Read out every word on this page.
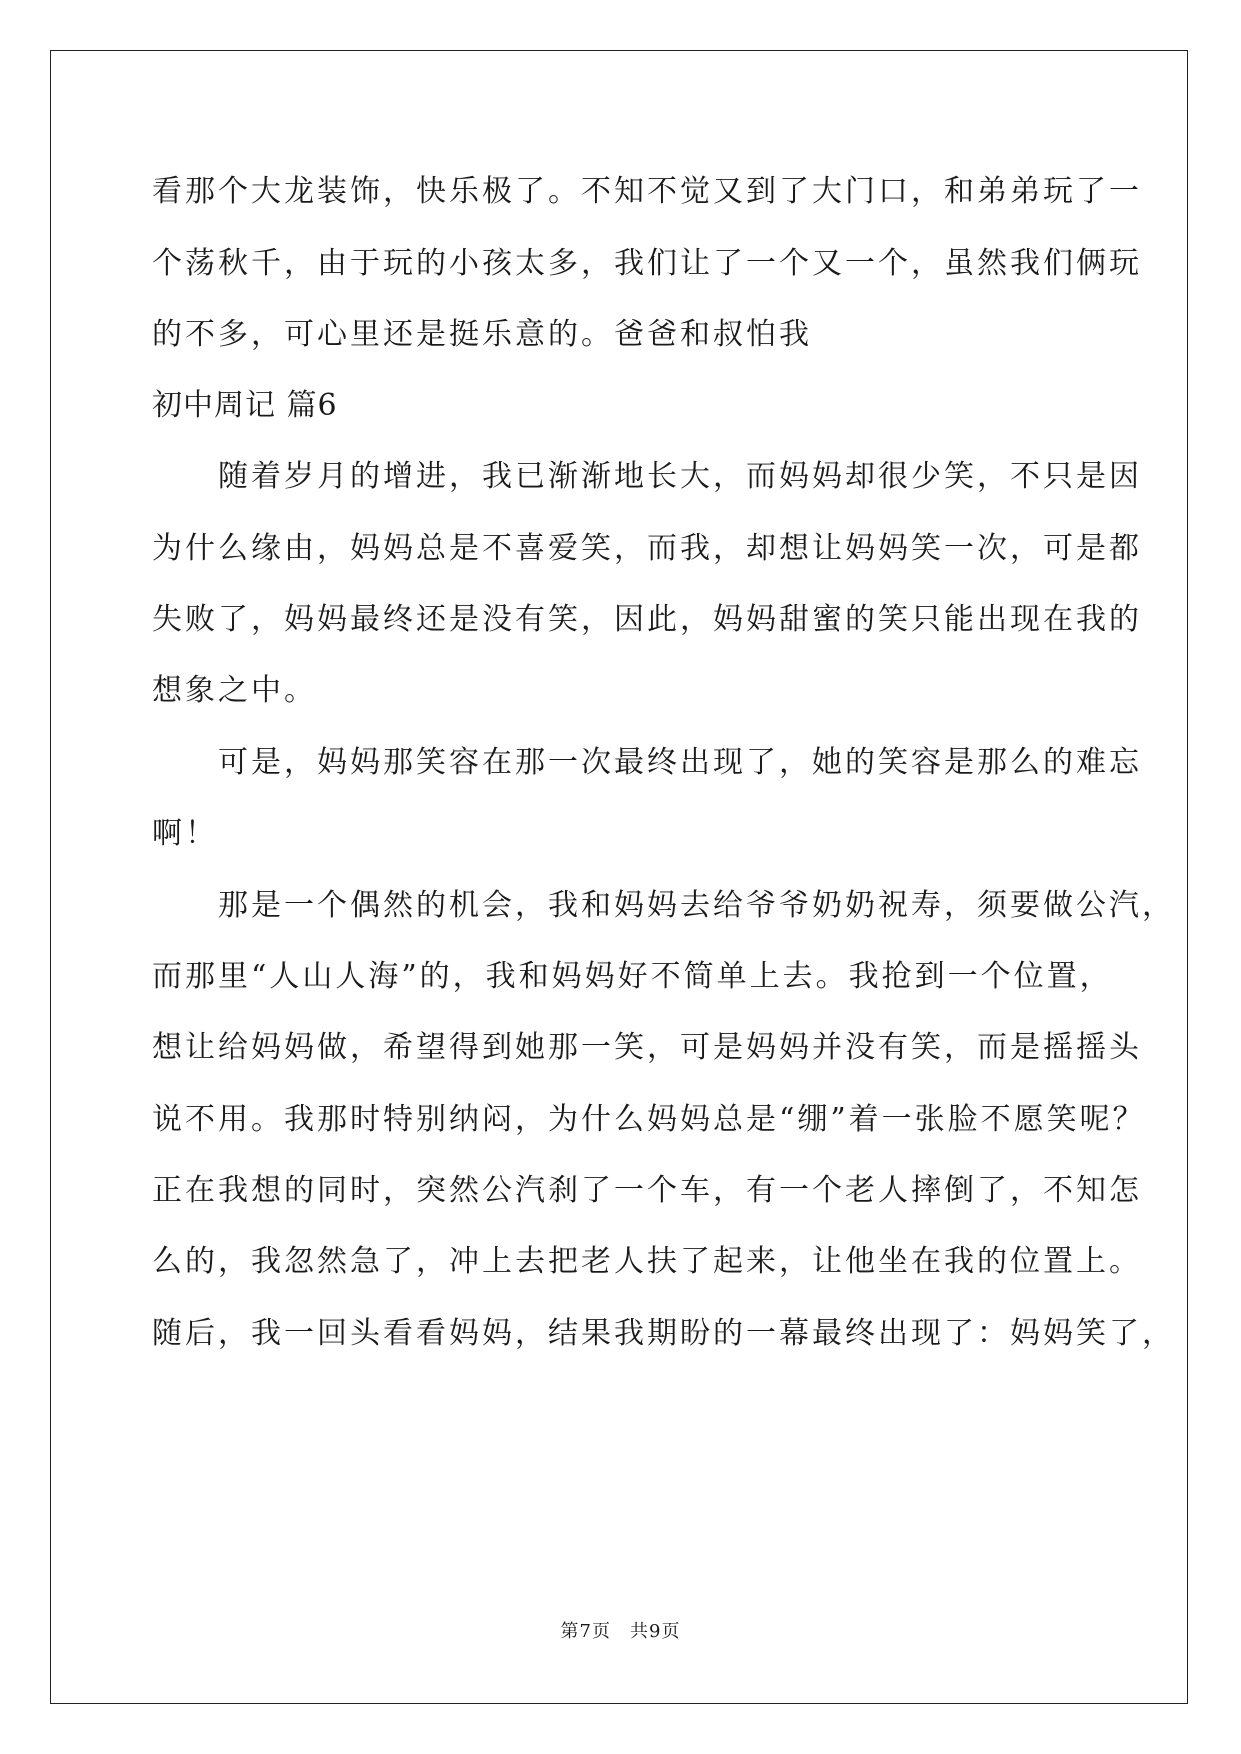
看那个大龙装饰，快乐极了。不知不觉又到了大门口，和弟弟玩了一
个荡秋千，由于玩的小孩太多，我们让了一个又一个，虽然我们俩玩
的不多，可心里还是挺乐意的。爸爸和叔怕我
初中周记 篇6
　　随着岁月的增进，我已渐渐地长大，而妈妈却很少笑，不只是因
为什么缘由，妈妈总是不喜爱笑，而我，却想让妈妈笑一次，可是都
失败了，妈妈最终还是没有笑，因此，妈妈甜蜜的笑只能出现在我的
想象之中。
　　可是，妈妈那笑容在那一次最终出现了，她的笑容是那么的难忘
啊！
　　那是一个偶然的机会，我和妈妈去给爷爷奶奶祝寿，须要做公汽，
而那里“人山人海”的，我和妈妈好不简单上去。我抢到一个位置，
想让给妈妈做，希望得到她那一笑，可是妈妈并没有笑，而是摇摇头
说不用。我那时特别纳闷，为什么妈妈总是“绷”着一张脸不愿笑呢？
正在我想的同时，突然公汽刹了一个车，有一个老人摔倒了，不知怎
么的，我忽然急了，冲上去把老人扶了起来，让他坐在我的位置上。
随后，我一回头看看妈妈，结果我期盼的一幕最终出现了：妈妈笑了，
第7页　共9页
